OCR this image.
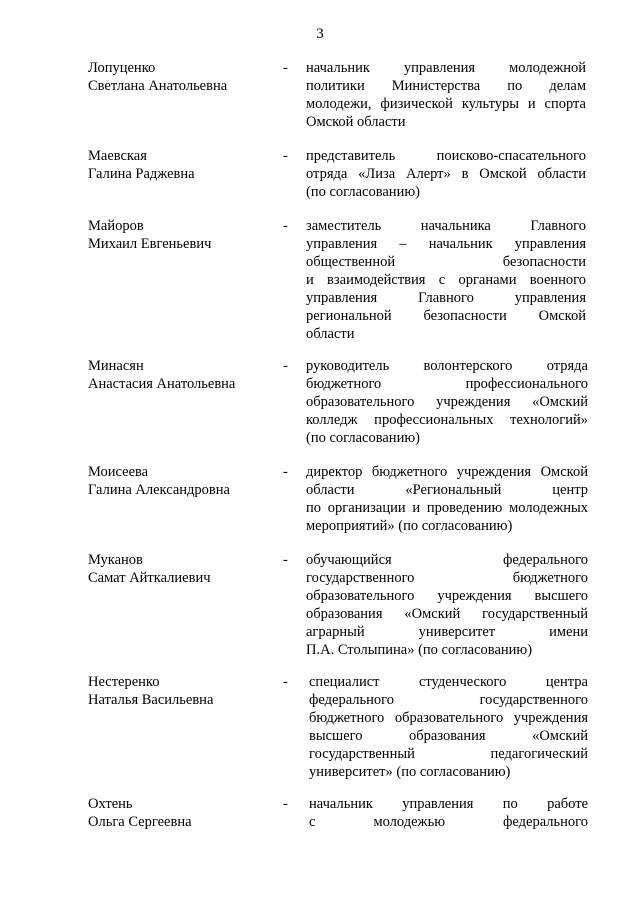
3
Лопуценко
Светлана Анатольевна
- начальник управления молодежной
политики Министерства по делам
молодежи, физической культуры и спорта
Омской области
Маевская
Галина Раджевна
- представитель поисково-спасательного
отряда «Лиза Алерт» в Омской области
(по согласованию)
Майоров
Михаил Евгеньевич
- заместитель начальника Главного
управления – начальник управления
общественной безопасности
и взаимодействия с органами военного
управления Главного управления
региональной безопасности Омской
области
Минасян
Анастасия Анатольевна
- руководитель волонтерского отряда
бюджетного профессионального
образовательного учреждения «Омский
колледж профессиональных технологий»
(по согласованию)
Моисеева
Галина Александровна
- директор бюджетного учреждения Омской
области «Региональный центр
по организации и проведению молодежных
мероприятий» (по согласованию)
Муканов
Самат Айткалиевич
- обучающийся федерального
государственного бюджетного
образовательного учреждения высшего
образования «Омский государственный
аграрный университет имени
П.А. Столыпина» (по согласованию)
Нестеренко
Наталья Васильевна
- специалист студенческого центра
федерального государственного
бюджетного образовательного учреждения
высшего образования «Омский
государственный педагогический
университет» (по согласованию)
Охтень
Ольга Сергеевна
- начальник управления по работе
с молодежью федерального
